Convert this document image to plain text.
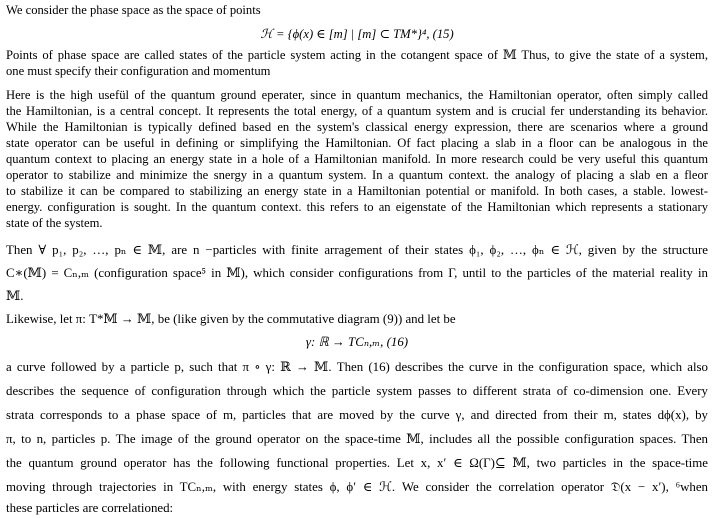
We consider the phase space as the space of points
ℋ = {ϕ(x) ∈ [m] | [m] ⊂ TM*}⁴, (15)
Points of phase space are called states of the particle system acting in the cotangent space of 𝕄 Thus, to give the state of a system,
one must specify their configuration and momentum
Here is the high usefül of the quantum ground eperater, since in quantum mechanics, the Hamiltonian operator, often simply called
the Hamiltonian, is a central concept. It represents the total energy, of a quantum system and is crucial fer understanding its behavior.
While the Hamiltonian is typically defined based en the system's classical energy expression, there are scenarios where a ground
state operator can be useful in defining or simplifying the Hamiltonian. Of fact placing a slab in a floor can be analogous in the
quantum context to placing an energy state in a hole of a Hamiltonian manifold. In more research could be very useful this quantum
operator to stabilize and minimize the snergy in a quantum system. In a quantum context. the analogy of placing a slab en a fleor
to stabilize it can be compared to stabilizing an energy state in a Hamiltonian potential or manifold. In both cases, a stable. lowest-
energy. configuration is sought. In the quantum context. this refers to an eigenstate of the Hamiltonian which represents a stationary
state of the system.
Then ∀ p₁, p₂, …, pₙ ∈ 𝕄, are n −particles with finite arragement of their states ϕ₁, ϕ₂, …, ϕₙ ∈ ℋ, given by the structure
C∗(𝕄) = Cₙ,ₘ (configuration space⁵ in 𝕄), which consider configurations from Γ, until to the particles of the material reality in
𝕄.
Likewise, let π: T*𝕄 → 𝕄, be (like given by the commutative diagram (9)) and let be
γ: ℝ → TCₙ,ₘ, (16)
a curve followed by a particle p, such that π ∘ γ: ℝ → 𝕄. Then (16) describes the curve in the configuration space, which also
describes the sequence of configuration through which the particle system passes to different strata of co-dimension one. Every
strata corresponds to a phase space of m, particles that are moved by the curve γ, and directed from their m, states dϕ(x), by
π, to n, particles p. The image of the ground operator on the space-time 𝕄, includes all the possible configuration spaces. Then
the quantum ground operator has the following functional properties. Let x, x′ ∈ Ω(Γ)⊆ 𝕄, two particles in the space-time
moving through trajectories in TCₙ,ₘ, with energy states ϕ, ϕ′ ∈ ℋ. We consider the correlation operator 𝔇(x − x′), ⁶when
these particles are correlationed:
